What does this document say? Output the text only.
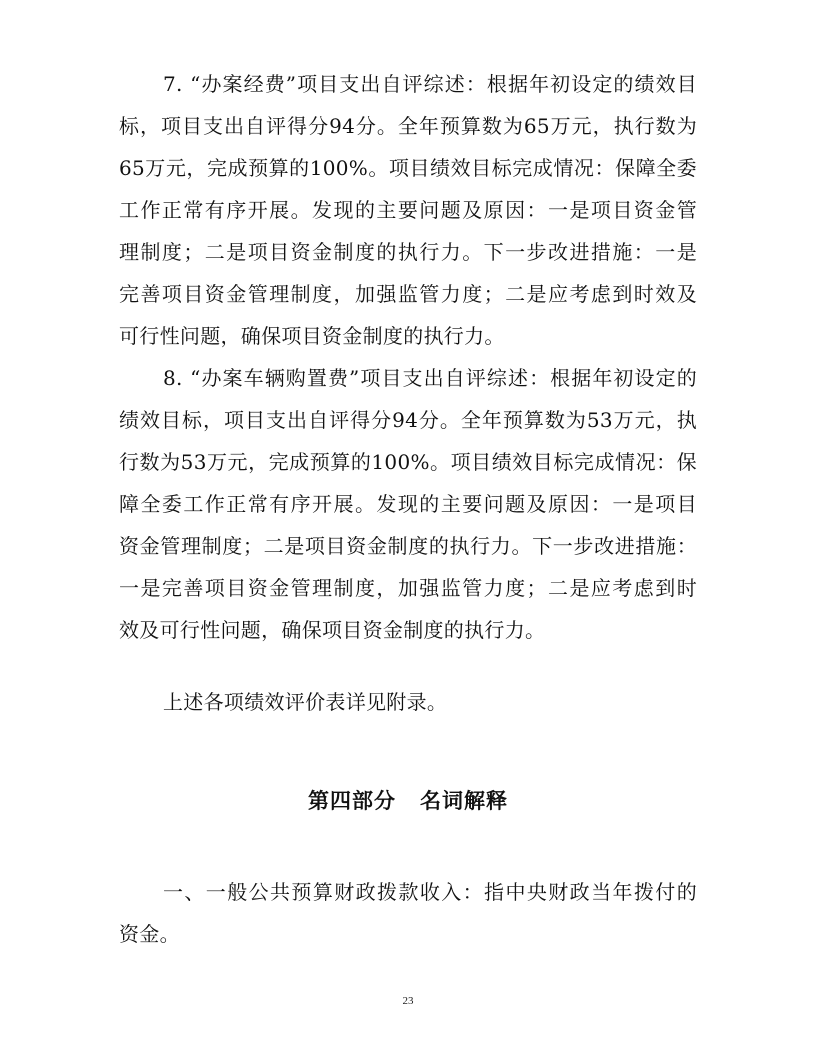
7. “办案经费”项目支出自评综述：根据年初设定的绩效目
标，项目支出自评得分94分。全年预算数为65万元，执行数为
65万元，完成预算的100%。项目绩效目标完成情况：保障全委
工作正常有序开展。发现的主要问题及原因：一是项目资金管
理制度；二是项目资金制度的执行力。下一步改进措施：一是
完善项目资金管理制度，加强监管力度；二是应考虑到时效及
可行性问题，确保项目资金制度的执行力。
8. “办案车辆购置费”项目支出自评综述：根据年初设定的
绩效目标，项目支出自评得分94分。全年预算数为53万元，执
行数为53万元，完成预算的100%。项目绩效目标完成情况：保
障全委工作正常有序开展。发现的主要问题及原因：一是项目
资金管理制度；二是项目资金制度的执行力。下一步改进措施：
一是完善项目资金管理制度，加强监管力度；二是应考虑到时
效及可行性问题，确保项目资金制度的执行力。
上述各项绩效评价表详见附录。
第四部分 名词解释
一、一般公共预算财政拨款收入：指中央财政当年拨付的
资金。
23
